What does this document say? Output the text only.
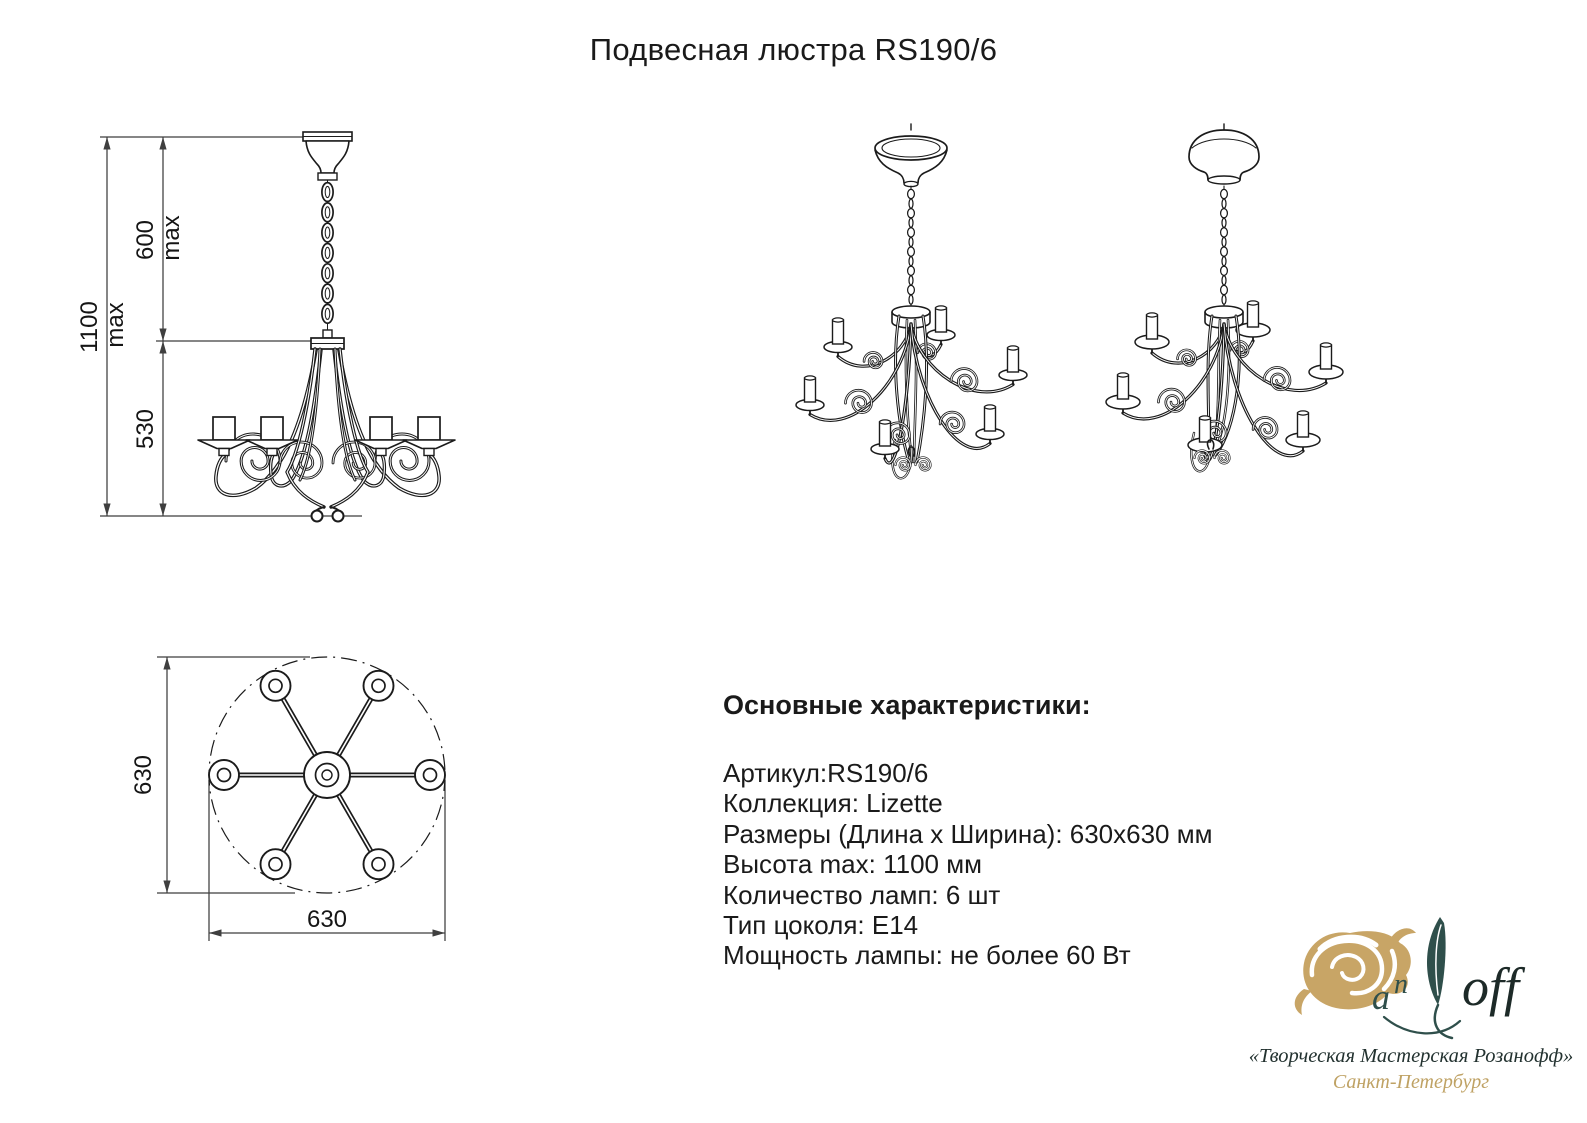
Подвесная люстра RS190/6
1100 max
600 max
530
630
630
Основные характеристики:
Артикул:RS190/6
Коллекция: Lizette
Размеры (Длина х Ширина): 630х630 мм
Высота max: 1100 мм
Количество ламп: 6 шт
Тип цоколя: E14
Мощность лампы: не более 60 Вт
a n off
«Творческая Мастерская Розанофф»
Санкт-Петербург
